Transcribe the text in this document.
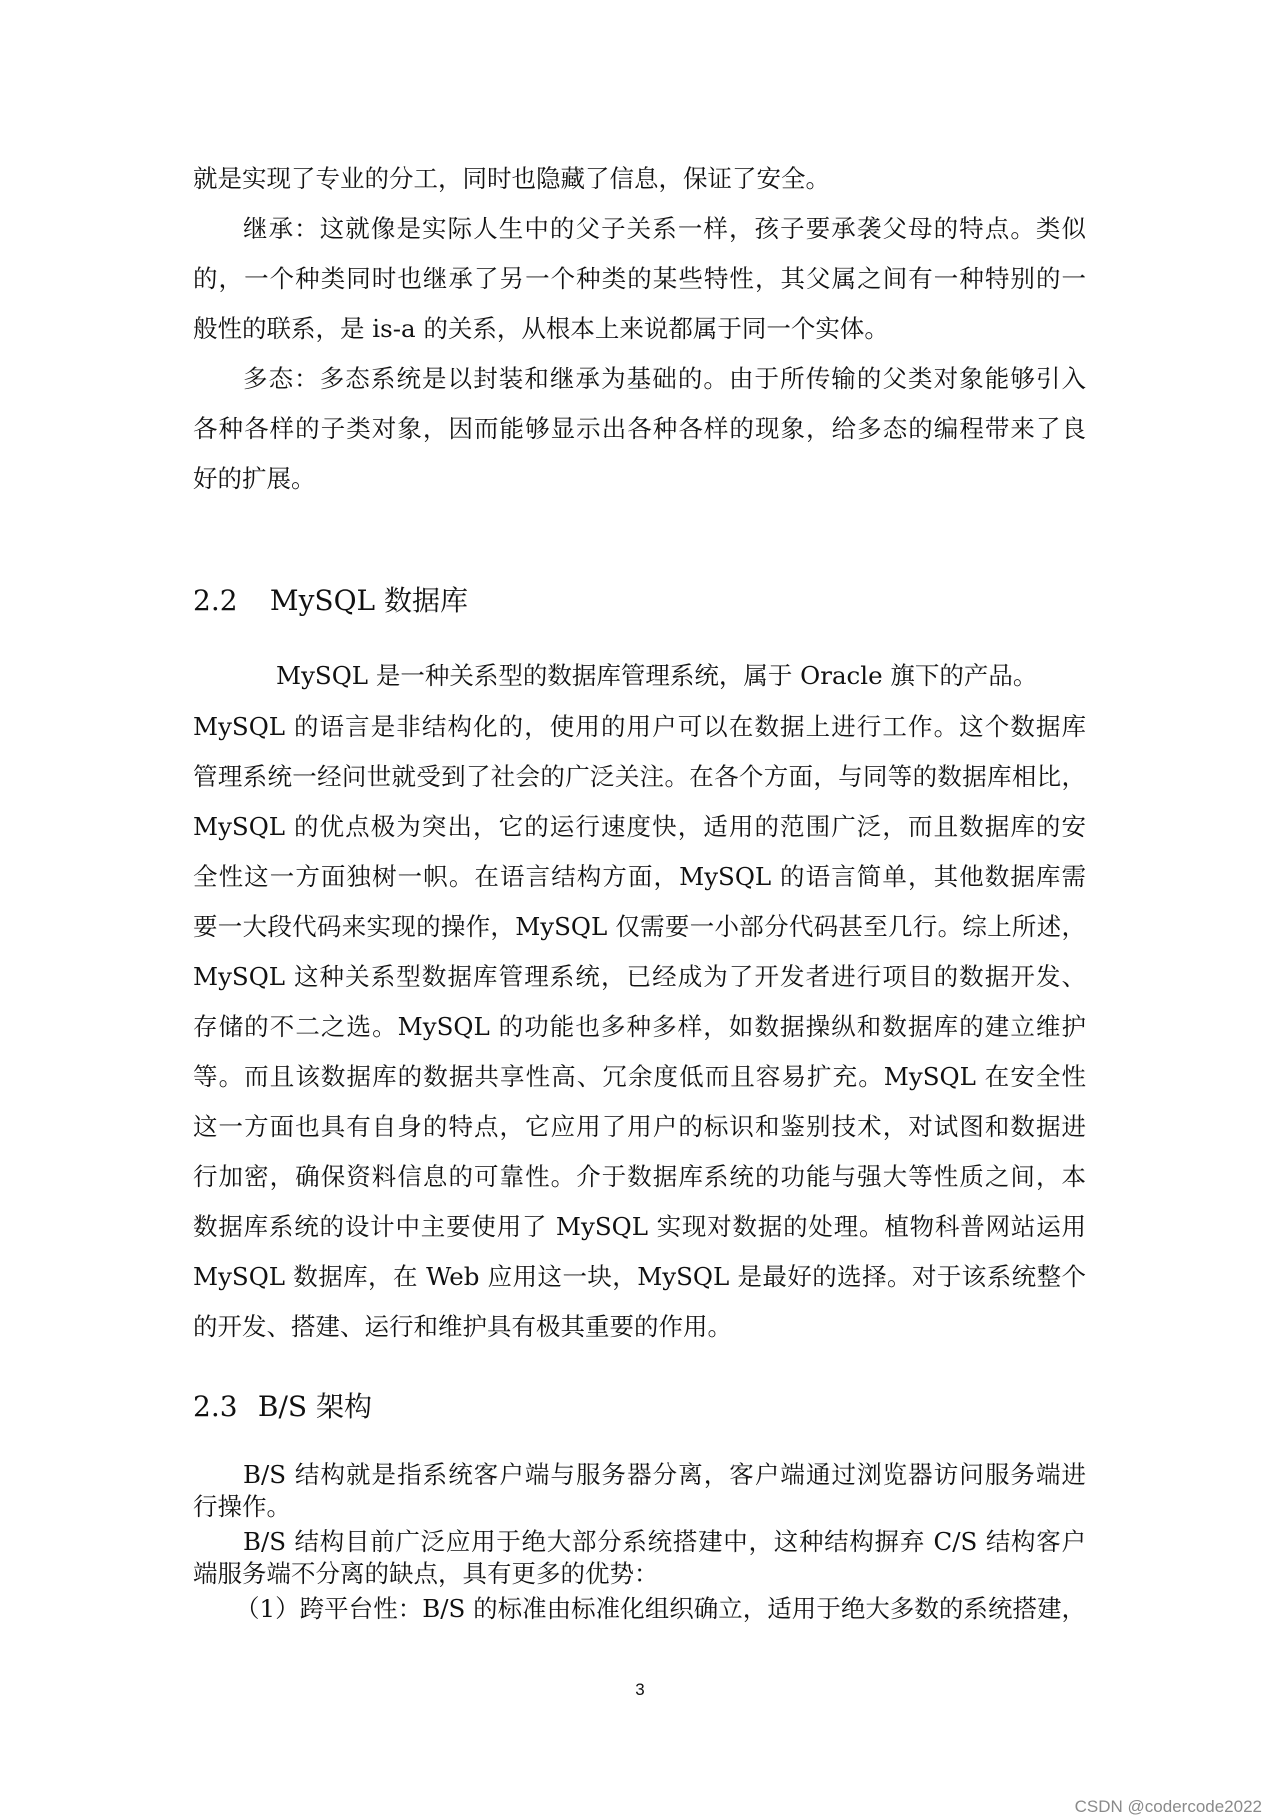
就是实现了专业的分工，同时也隐藏了信息，保证了安全。
继承：这就像是实际人生中的父子关系一样，孩子要承袭父母的特点。类似
的，一个种类同时也继承了另一个种类的某些特性，其父属之间有一种特别的一
般性的联系，是 is-a 的关系，从根本上来说都属于同一个实体。
多态：多态系统是以封装和继承为基础的。由于所传输的父类对象能够引入
各种各样的子类对象，因而能够显示出各种各样的现象，给多态的编程带来了良
好的扩展。
2.2 MySQL 数据库
MySQL 是一种关系型的数据库管理系统，属于 Oracle 旗下的产品。
MySQL 的语言是非结构化的，使用的用户可以在数据上进行工作。这个数据库
管理系统一经问世就受到了社会的广泛关注。在各个方面，与同等的数据库相比，
MySQL 的优点极为突出，它的运行速度快，适用的范围广泛，而且数据库的安
全性这一方面独树一帜。在语言结构方面，MySQL 的语言简单，其他数据库需
要一大段代码来实现的操作，MySQL 仅需要一小部分代码甚至几行。综上所述，
MySQL 这种关系型数据库管理系统，已经成为了开发者进行项目的数据开发、
存储的不二之选。MySQL 的功能也多种多样，如数据操纵和数据库的建立维护
等。而且该数据库的数据共享性高、冗余度低而且容易扩充。MySQL 在安全性
这一方面也具有自身的特点，它应用了用户的标识和鉴别技术，对试图和数据进
行加密，确保资料信息的可靠性。介于数据库系统的功能与强大等性质之间，本
数据库系统的设计中主要使用了 MySQL 实现对数据的处理。植物科普网站运用
MySQL 数据库，在 Web 应用这一块，MySQL 是最好的选择。对于该系统整个
的开发、搭建、运行和维护具有极其重要的作用。
2.3 B/S 架构
B/S 结构就是指系统客户端与服务器分离，客户端通过浏览器访问服务端进
行操作。
B/S 结构目前广泛应用于绝大部分系统搭建中，这种结构摒弃 C/S 结构客户
端服务端不分离的缺点，具有更多的优势：
（1）跨平台性：B/S 的标准由标准化组织确立，适用于绝大多数的系统搭建，
3
CSDN @codercode2022
